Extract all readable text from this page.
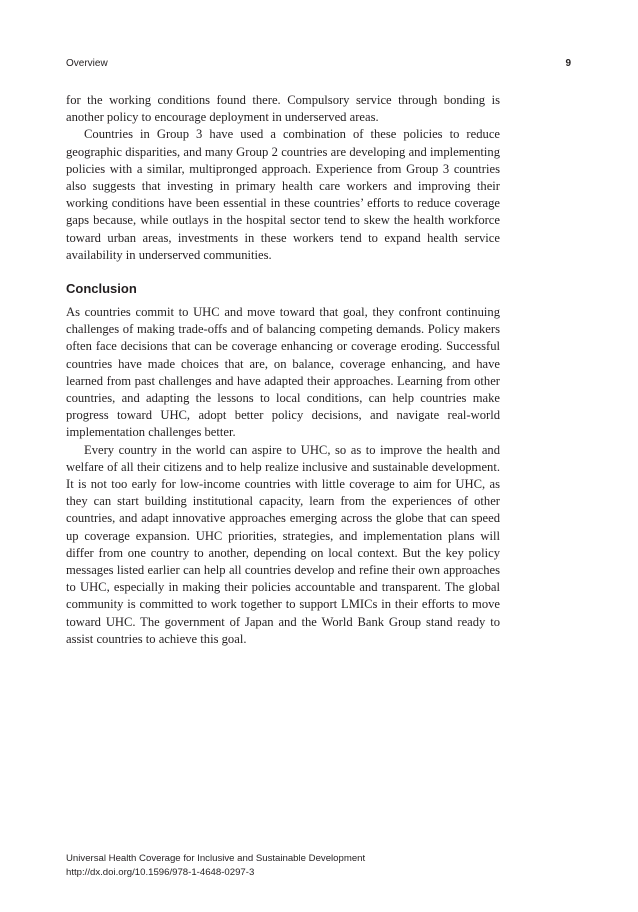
Overview	9

for the working conditions found there. Compulsory service through bonding is another policy to encourage deployment in underserved areas.

Countries in Group 3 have used a combination of these policies to reduce geographic disparities, and many Group 2 countries are developing and implementing policies with a similar, multipronged approach. Experience from Group 3 countries also suggests that investing in primary health care workers and improving their working conditions have been essential in these countries’ efforts to reduce coverage gaps because, while outlays in the hospital sector tend to skew the health workforce toward urban areas, investments in these workers tend to expand health service availability in underserved communities.

Conclusion

As countries commit to UHC and move toward that goal, they confront continuing challenges of making trade-offs and of balancing competing demands. Policy makers often face decisions that can be coverage enhancing or coverage eroding. Successful countries have made choices that are, on balance, coverage enhancing, and have learned from past challenges and have adapted their approaches. Learning from other countries, and adapting the lessons to local conditions, can help countries make progress toward UHC, adopt better policy decisions, and navigate real-world implementation challenges better.

Every country in the world can aspire to UHC, so as to improve the health and welfare of all their citizens and to help realize inclusive and sustainable development. It is not too early for low-income countries with little coverage to aim for UHC, as they can start building institutional capacity, learn from the experiences of other countries, and adapt innovative approaches emerging across the globe that can speed up coverage expansion. UHC priorities, strategies, and implementation plans will differ from one country to another, depending on local context. But the key policy messages listed earlier can help all countries develop and refine their own approaches to UHC, especially in making their policies accountable and transparent. The global community is committed to work together to support LMICs in their efforts to move toward UHC. The government of Japan and the World Bank Group stand ready to assist countries to achieve this goal.

Universal Health Coverage for Inclusive and Sustainable Development
http://dx.doi.org/10.1596/978-1-4648-0297-3
